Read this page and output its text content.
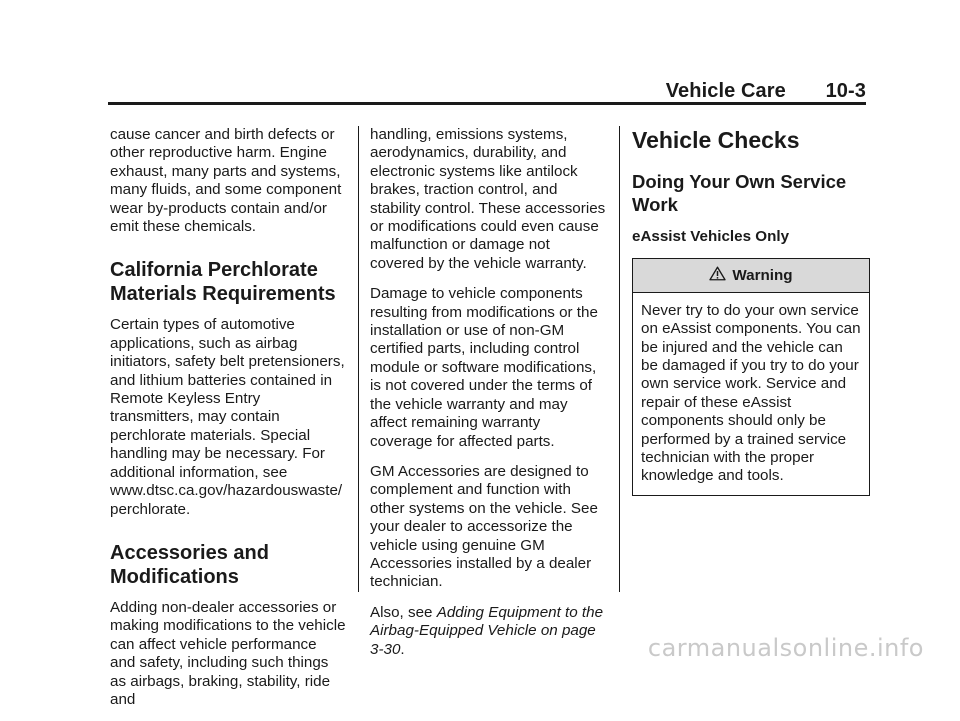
Vehicle Care 10-3

cause cancer and birth defects or other reproductive harm. Engine exhaust, many parts and systems, many fluids, and some component wear by-products contain and/or emit these chemicals.

California Perchlorate Materials Requirements

Certain types of automotive applications, such as airbag initiators, safety belt pretensioners, and lithium batteries contained in Remote Keyless Entry transmitters, may contain perchlorate materials. Special handling may be necessary. For additional information, see www.dtsc.ca.gov/hazardouswaste/ perchlorate.

Accessories and Modifications

Adding non-dealer accessories or making modifications to the vehicle can affect vehicle performance and safety, including such things as airbags, braking, stability, ride and

handling, emissions systems, aerodynamics, durability, and electronic systems like antilock brakes, traction control, and stability control. These accessories or modifications could even cause malfunction or damage not covered by the vehicle warranty.

Damage to vehicle components resulting from modifications or the installation or use of non-GM certified parts, including control module or software modifications, is not covered under the terms of the vehicle warranty and may affect remaining warranty coverage for affected parts.

GM Accessories are designed to complement and function with other systems on the vehicle. See your dealer to accessorize the vehicle using genuine GM Accessories installed by a dealer technician.

Also, see Adding Equipment to the Airbag-Equipped Vehicle on page 3-30.

Vehicle Checks
Doing Your Own Service Work
eAssist Vehicles Only
Warning
Never try to do your own service on eAssist components. You can be injured and the vehicle can be damaged if you try to do your own service work. Service and repair of these eAssist components should only be performed by a trained service technician with the proper knowledge and tools.
carmanualsonline.info
